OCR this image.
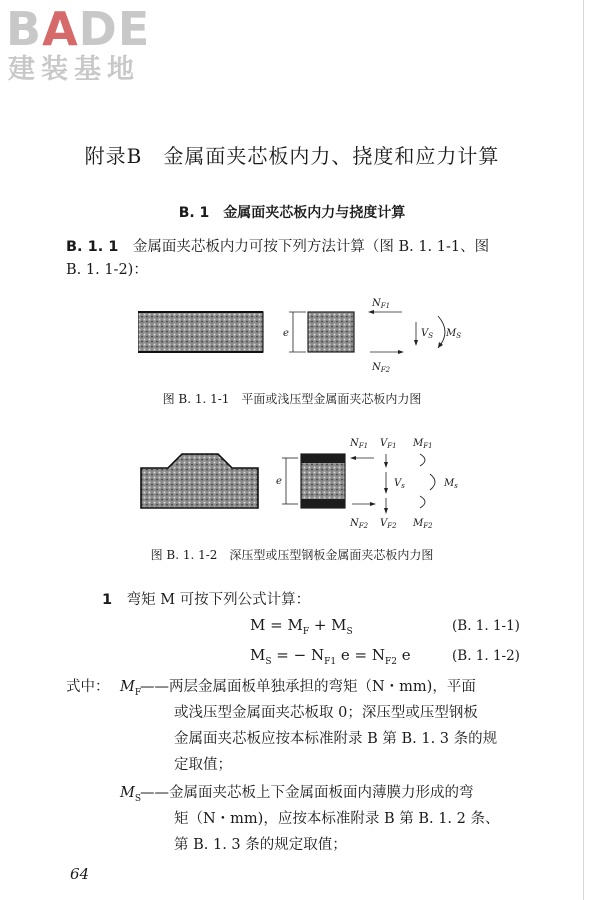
BADE
建装基地
附录B　金属面夹芯板内力、挠度和应力计算
B. 1　 金属面夹芯板内力与挠度计算
B. 1. 1　 金属面夹芯板内力可按下列方法计算（图 B. 1. 1-1、图
B. 1. 1-2)：
e
$N_{F1}$
$N_{F2}$
$V_S$ $M_S$
图 B. 1. 1-1　平面或浅压型金属面夹芯板内力图
e
$N_{F1}$ $V_{F1}$ $M_{F1}$
$V_s$	$M_s$
$N_{F2}$ $V_{F2}$ $M_{F2}$
图 B. 1. 1-2　深压型或压型钢板金属面夹芯板内力图
1　 弯矩 M 可按下列公式计算：
$M = M_F + M_S$	(B. 1. 1-1)
$M_S$ = − $N_{F1}$ $e = N_{F2}$ e	(B. 1. 1-2)
式中： $M_F$
——两层金属面板单独承担的弯矩（N・mm)，平面
或浅压型金属面夹芯板取 0；深压型或压型钢板
金属面夹芯板应按本标准附录 B 第 B. 1. 3 条的规
定取值；
$M_S$
——金属面夹芯板上下金属面板面内薄膜力形成的弯
矩（N・mm)，应按本标准附录 B 第 B. 1. 2 条、
第 B. 1. 3 条的规定取值；
64
